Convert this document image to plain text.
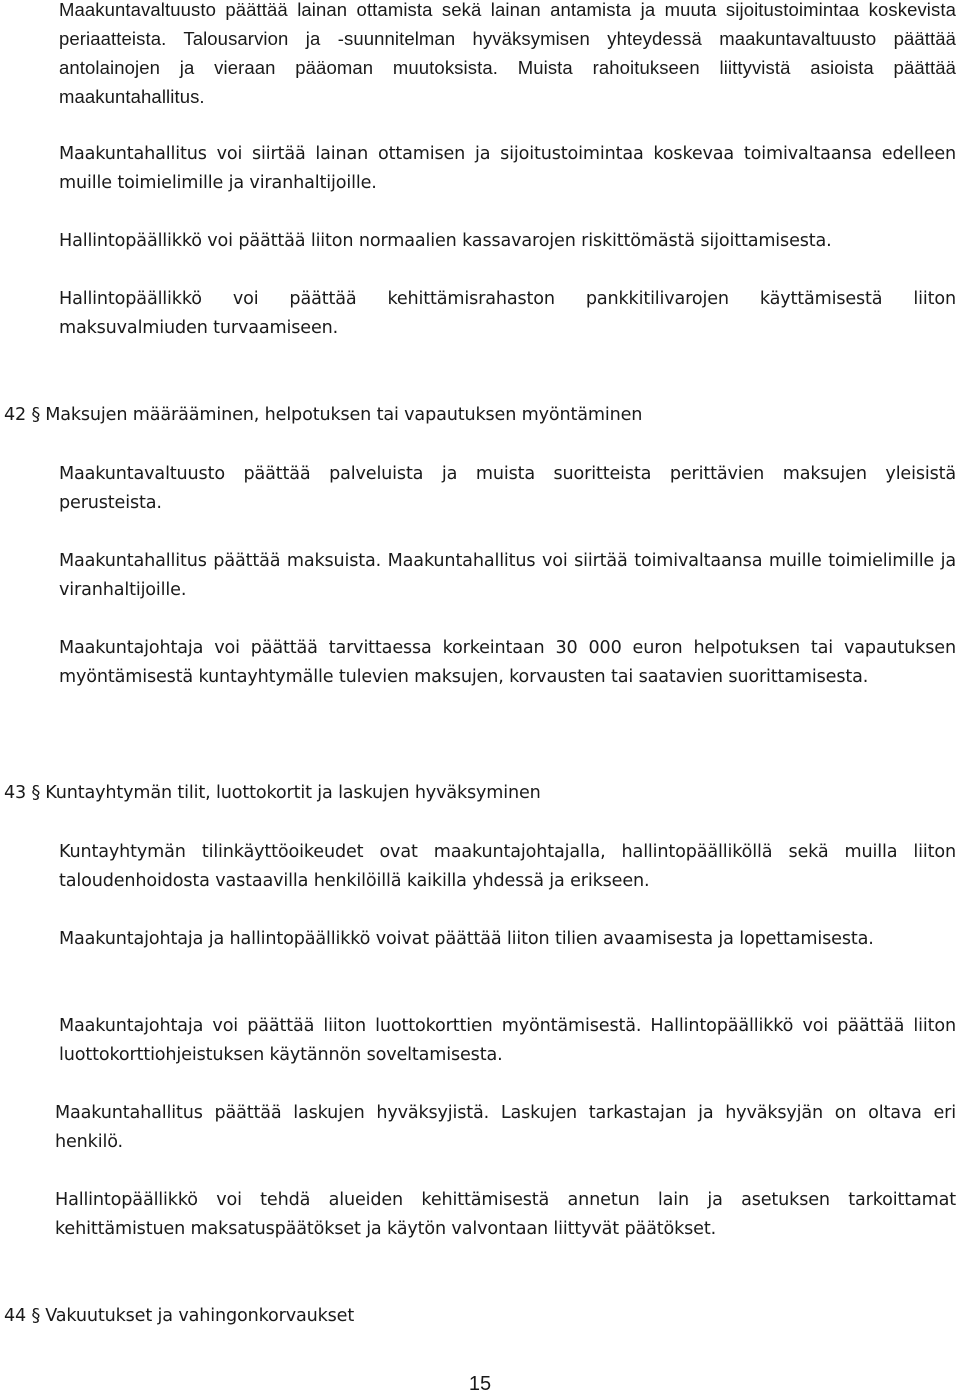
Maakuntavaltuusto päättää lainan ottamista sekä lainan antamista ja muuta sijoitustoimintaa koskevista periaatteista. Talousarvion ja -suunnitelman hyväksymisen yhteydessä maakuntavaltuusto päättää antolainojen ja vieraan pääoman muutoksista. Muista rahoitukseen liittyvistä asioista päättää maakuntahallitus.

Maakuntahallitus voi siirtää lainan ottamisen ja sijoitustoimintaa koskevaa toimivaltaansa edelleen muille toimielimille ja viranhaltijoille.

Hallintopäällikkö voi päättää liiton normaalien kassavarojen riskittömästä sijoittamisesta.

Hallintopäällikkö voi päättää kehittämisrahaston pankkitilivarojen käyttämisestä liiton maksuvalmiuden turvaamiseen.

42 § Maksujen määrääminen, helpotuksen tai vapautuksen myöntäminen

Maakuntavaltuusto päättää palveluista ja muista suoritteista perittävien maksujen yleisistä perusteista.

Maakuntahallitus päättää maksuista. Maakuntahallitus voi siirtää toimivaltaansa muille toimielimille ja viranhaltijoille.

Maakuntajohtaja voi päättää tarvittaessa korkeintaan 30 000 euron helpotuksen tai vapautuksen myöntämisestä kuntayhtymälle tulevien maksujen, korvausten tai saatavien suorittamisesta.

43 § Kuntayhtymän tilit, luottokortit ja laskujen hyväksyminen

Kuntayhtymän tilinkäyttöoikeudet ovat maakuntajohtajalla, hallintopäälliköllä sekä muilla liiton taloudenhoidosta vastaavilla henkilöillä kaikilla yhdessä ja erikseen.

Maakuntajohtaja ja hallintopäällikkö voivat päättää liiton tilien avaamisesta ja lopettamisesta.

Maakuntajohtaja voi päättää liiton luottokorttien myöntämisestä. Hallintopäällikkö voi päättää liiton luottokorttiohjeistuksen käytännön soveltamisesta.

Maakuntahallitus päättää laskujen hyväksyjistä. Laskujen tarkastajan ja hyväksyjän on oltava eri henkilö.

Hallintopäällikkö voi tehdä alueiden kehittämisestä annetun lain ja asetuksen tarkoittamat kehittämistuen maksatuspäätökset ja käytön valvontaan liittyvät päätökset.

44 § Vakuutukset ja vahingonkorvaukset
15
